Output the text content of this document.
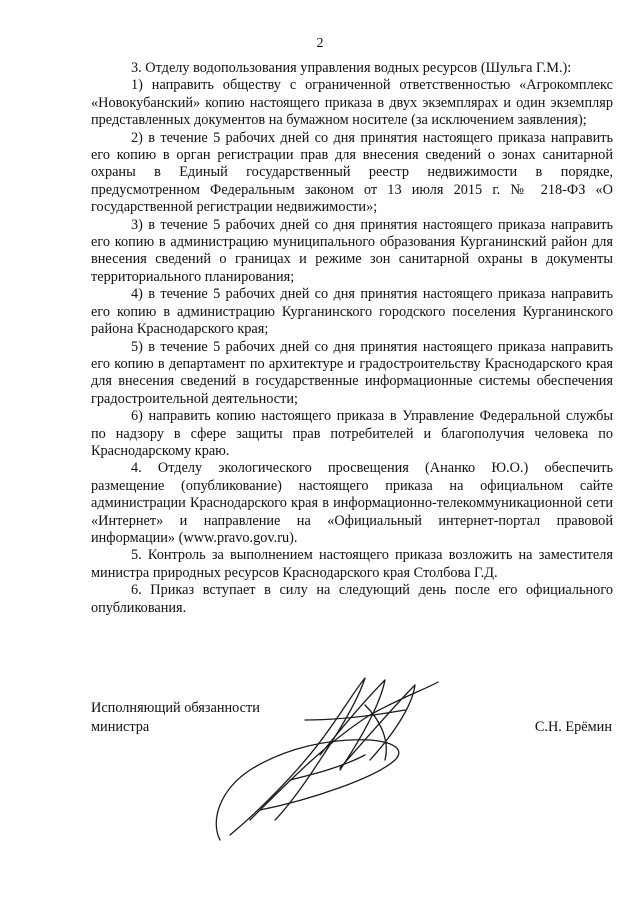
2

3. Отделу водопользования управления водных ресурсов (Шульга Г.М.):

1) направить обществу с ограниченной ответственностью «Агрокомплекс «Новокубанский» копию настоящего приказа в двух экземплярах и один экземпляр представленных документов на бумажном носителе (за исключением заявления);

2) в течение 5 рабочих дней со дня принятия настоящего приказа направить его копию в орган регистрации прав для внесения сведений о зонах санитарной охраны в Единый государственный реестр недвижимости в порядке, предусмотренном Федеральным законом от 13 июля 2015 г. № 218-ФЗ «О государственной регистрации недвижимости»;

3) в течение 5 рабочих дней со дня принятия настоящего приказа направить его копию в администрацию муниципального образования Курганинский район для внесения сведений о границах и режиме зон санитарной охраны в документы территориального планирования;

4) в течение 5 рабочих дней со дня принятия настоящего приказа направить его копию в администрацию Курганинского городского поселения Курганинского района Краснодарского края;

5) в течение 5 рабочих дней со дня принятия настоящего приказа направить его копию в департамент по архитектуре и градостроительству Краснодарского края для внесения сведений в государственные информационные системы обеспечения градостроительной деятельности;

6) направить копию настоящего приказа в Управление Федеральной службы по надзору в сфере защиты прав потребителей и благополучия человека по Краснодарскому краю.

4. Отделу экологического просвещения (Ананко Ю.О.) обеспечить размещение (опубликование) настоящего приказа на официальном сайте администрации Краснодарского края в информационно-телекоммуникационной сети «Интернет» и направление на «Официальный интернет-портал правовой информации» (www.pravo.gov.ru).

5. Контроль за выполнением настоящего приказа возложить на заместителя министра природных ресурсов Краснодарского края Столбова Г.Д.

6. Приказ вступает в силу на следующий день после его официального опубликования.

Исполняющий обязанности
министра	С.Н. Ерёмин
